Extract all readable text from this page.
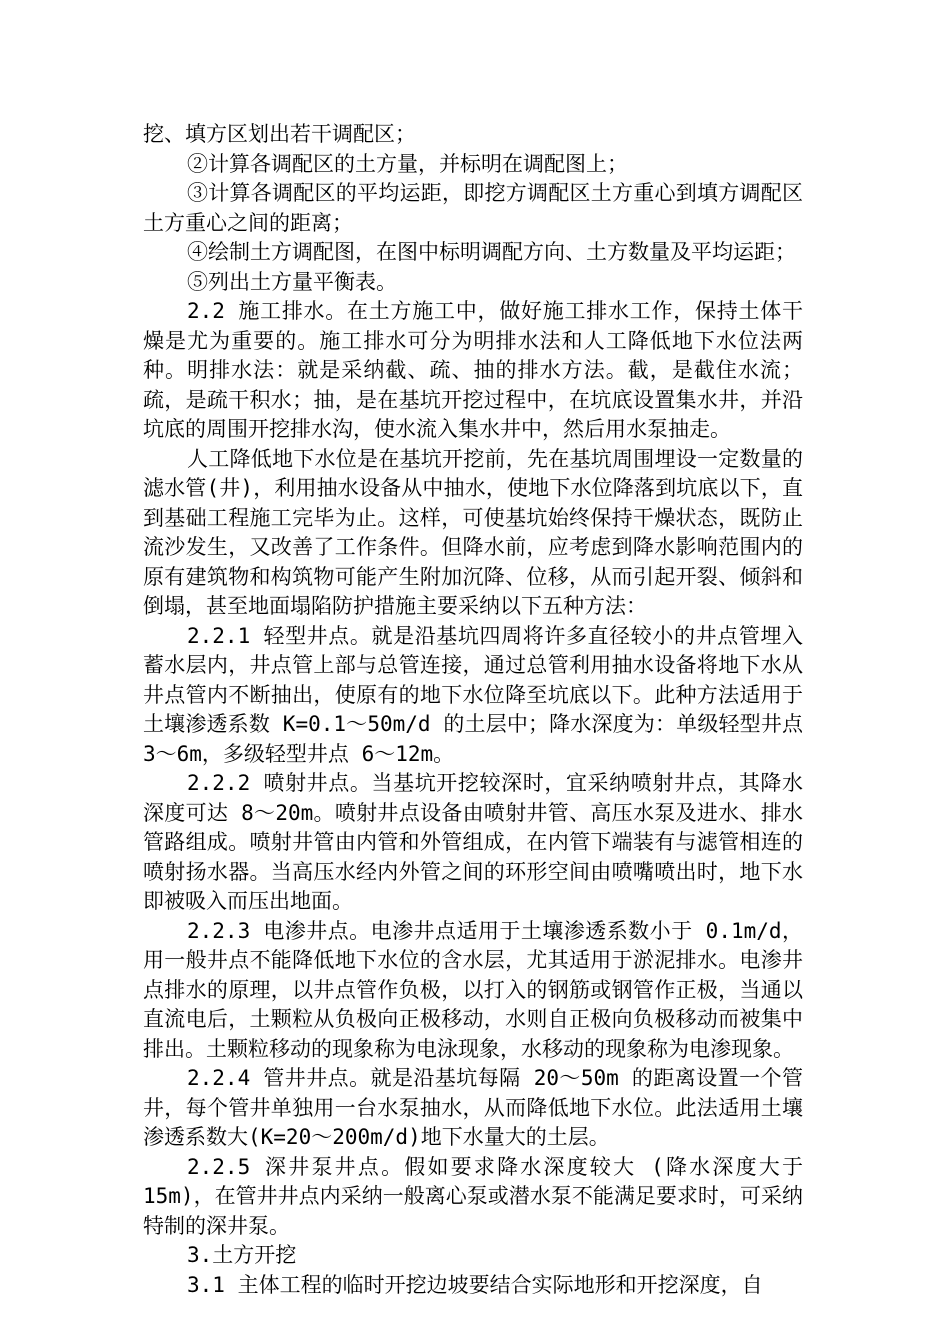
挖、填方区划出若干调配区；

②计算各调配区的土方量，并标明在调配图上；

③计算各调配区的平均运距，即挖方调配区土方重心到填方调配区土方重心之间的距离；

④绘制土方调配图，在图中标明调配方向、土方数量及平均运距；

⑤列出土方量平衡表。

2.2 施工排水。在土方施工中，做好施工排水工作，保持土体干燥是尤为重要的。施工排水可分为明排水法和人工降低地下水位法两种。明排水法：就是采纳截、疏、抽的排水方法。截，是截住水流；疏，是疏干积水；抽，是在基坑开挖过程中，在坑底设置集水井，并沿坑底的周围开挖排水沟，使水流入集水井中，然后用水泵抽走。

人工降低地下水位是在基坑开挖前，先在基坑周围埋设一定数量的滤水管(井)，利用抽水设备从中抽水，使地下水位降落到坑底以下，直到基础工程施工完毕为止。这样，可使基坑始终保持干燥状态，既防止流沙发生，又改善了工作条件。但降水前，应考虑到降水影响范围内的原有建筑物和构筑物可能产生附加沉降、位移，从而引起开裂、倾斜和倒塌，甚至地面塌陷防护措施主要采纳以下五种方法：

2.2.1 轻型井点。就是沿基坑四周将许多直径较小的井点管埋入蓄水层内，井点管上部与总管连接，通过总管利用抽水设备将地下水从井点管内不断抽出，使原有的地下水位降至坑底以下。此种方法适用于土壤渗透系数 K=0.1～50m/d 的土层中；降水深度为：单级轻型井点 3～6m，多级轻型井点 6～12m。

2.2.2 喷射井点。当基坑开挖较深时，宜采纳喷射井点，其降水深度可达 8～20m。喷射井点设备由喷射井管、高压水泵及进水、排水管路组成。喷射井管由内管和外管组成，在内管下端装有与滤管相连的喷射扬水器。当高压水经内外管之间的环形空间由喷嘴喷出时，地下水即被吸入而压出地面。

2.2.3 电渗井点。电渗井点适用于土壤渗透系数小于 0.1m/d，用一般井点不能降低地下水位的含水层，尤其适用于淤泥排水。电渗井点排水的原理，以井点管作负极，以打入的钢筋或钢管作正极，当通以直流电后，土颗粒从负极向正极移动，水则自正极向负极移动而被集中排出。土颗粒移动的现象称为电泳现象，水移动的现象称为电渗现象。

2.2.4 管井井点。就是沿基坑每隔 20～50m 的距离设置一个管井，每个管井单独用一台水泵抽水，从而降低地下水位。此法适用土壤渗透系数大(K=20～200m/d)地下水量大的土层。

2.2.5 深井泵井点。假如要求降水深度较大 (降水深度大于15m)，在管井井点内采纳一般离心泵或潜水泵不能满足要求时，可采纳特制的深井泵。

3.土方开挖

3.1 主体工程的临时开挖边坡要结合实际地形和开挖深度，自
